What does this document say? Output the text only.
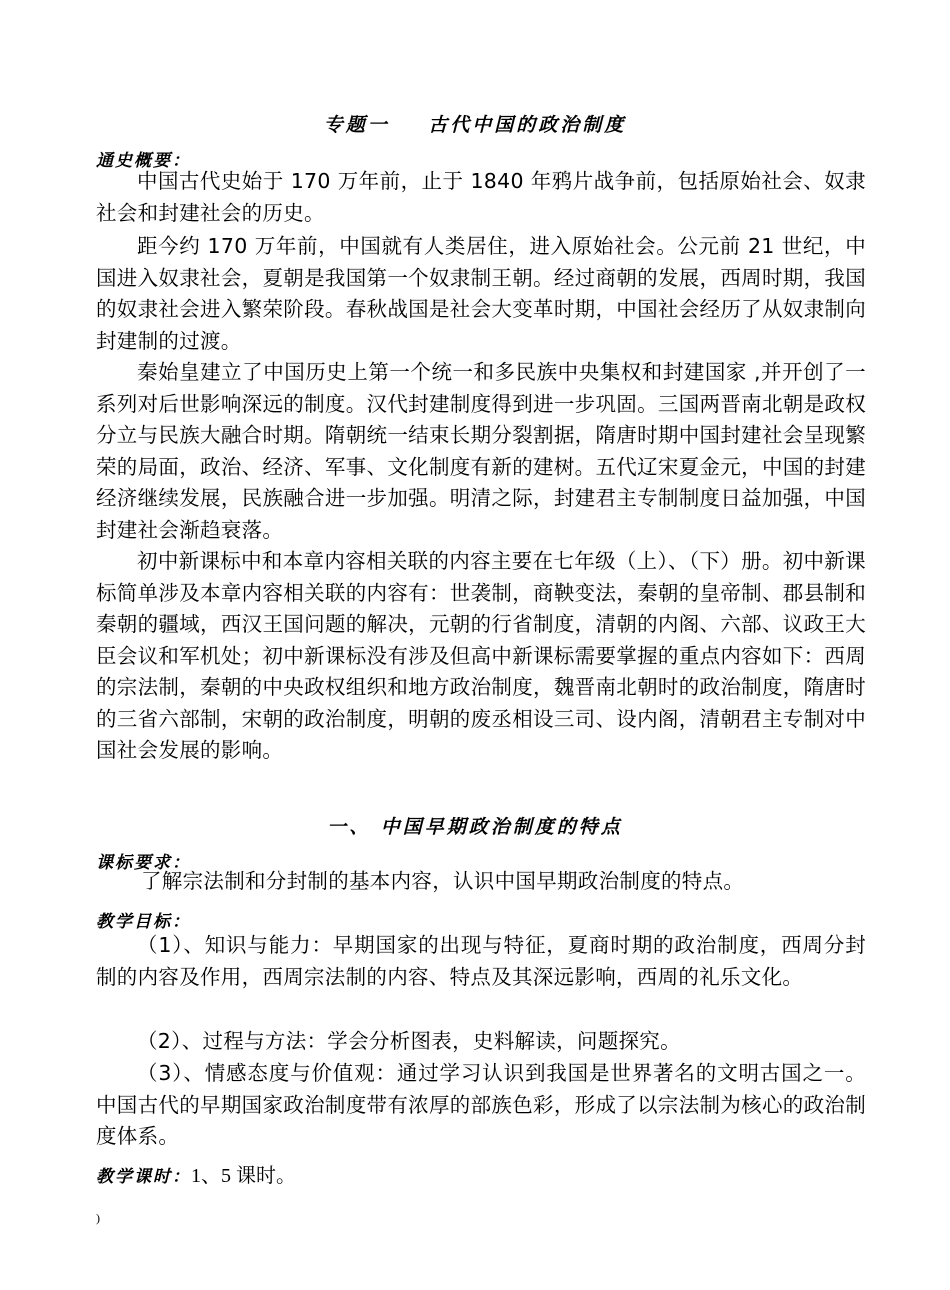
专题一    古代中国的政治制度
通史概要：

中国古代史始于 170 万年前，止于 1840 年鸦片战争前，包括原始社会、奴隶社会和封建社会的历史。

距今约 170 万年前，中国就有人类居住，进入原始社会。公元前 21 世纪，中国进入奴隶社会，夏朝是我国第一个奴隶制王朝。经过商朝的发展，西周时期，我国的奴隶社会进入繁荣阶段。春秋战国是社会大变革时期，中国社会经历了从奴隶制向封建制的过渡。

秦始皇建立了中国历史上第一个统一和多民族中央集权和封建国家 ,并开创了一系列对后世影响深远的制度。汉代封建制度得到进一步巩固。三国两晋南北朝是政权分立与民族大融合时期。隋朝统一结束长期分裂割据，隋唐时期中国封建社会呈现繁荣的局面，政治、经济、军事、文化制度有新的建树。五代辽宋夏金元，中国的封建经济继续发展，民族融合进一步加强。明清之际，封建君主专制制度日益加强，中国封建社会渐趋衰落。

初中新课标中和本章内容相关联的内容主要在七年级（上）、（下）册。初中新课标简单涉及本章内容相关联的内容有：世袭制，商鞅变法，秦朝的皇帝制、郡县制和秦朝的疆域，西汉王国问题的解决，元朝的行省制度，清朝的内阁、六部、议政王大臣会议和军机处；初中新课标没有涉及但高中新课标需要掌握的重点内容如下：西周的宗法制，秦朝的中央政权组织和地方政治制度，魏晋南北朝时的政治制度，隋唐时的三省六部制，宋朝的政治制度，明朝的废丞相设三司、设内阁，清朝君主专制对中国社会发展的影响。

一、 中国早期政治制度的特点
课标要求：

了解宗法制和分封制的基本内容，认识中国早期政治制度的特点。

教学目标：

（1）、知识与能力：早期国家的出现与特征，夏商时期的政治制度，西周分封制的内容及作用，西周宗法制的内容、特点及其深远影响，西周的礼乐文化。

（2）、过程与方法：学会分析图表，史料解读，问题探究。

（3）、情感态度与价值观：通过学习认识到我国是世界著名的文明古国之一。中国古代的早期国家政治制度带有浓厚的部族色彩，形成了以宗法制为核心的政治制度体系。

教学课时：1、5 课时。
)
